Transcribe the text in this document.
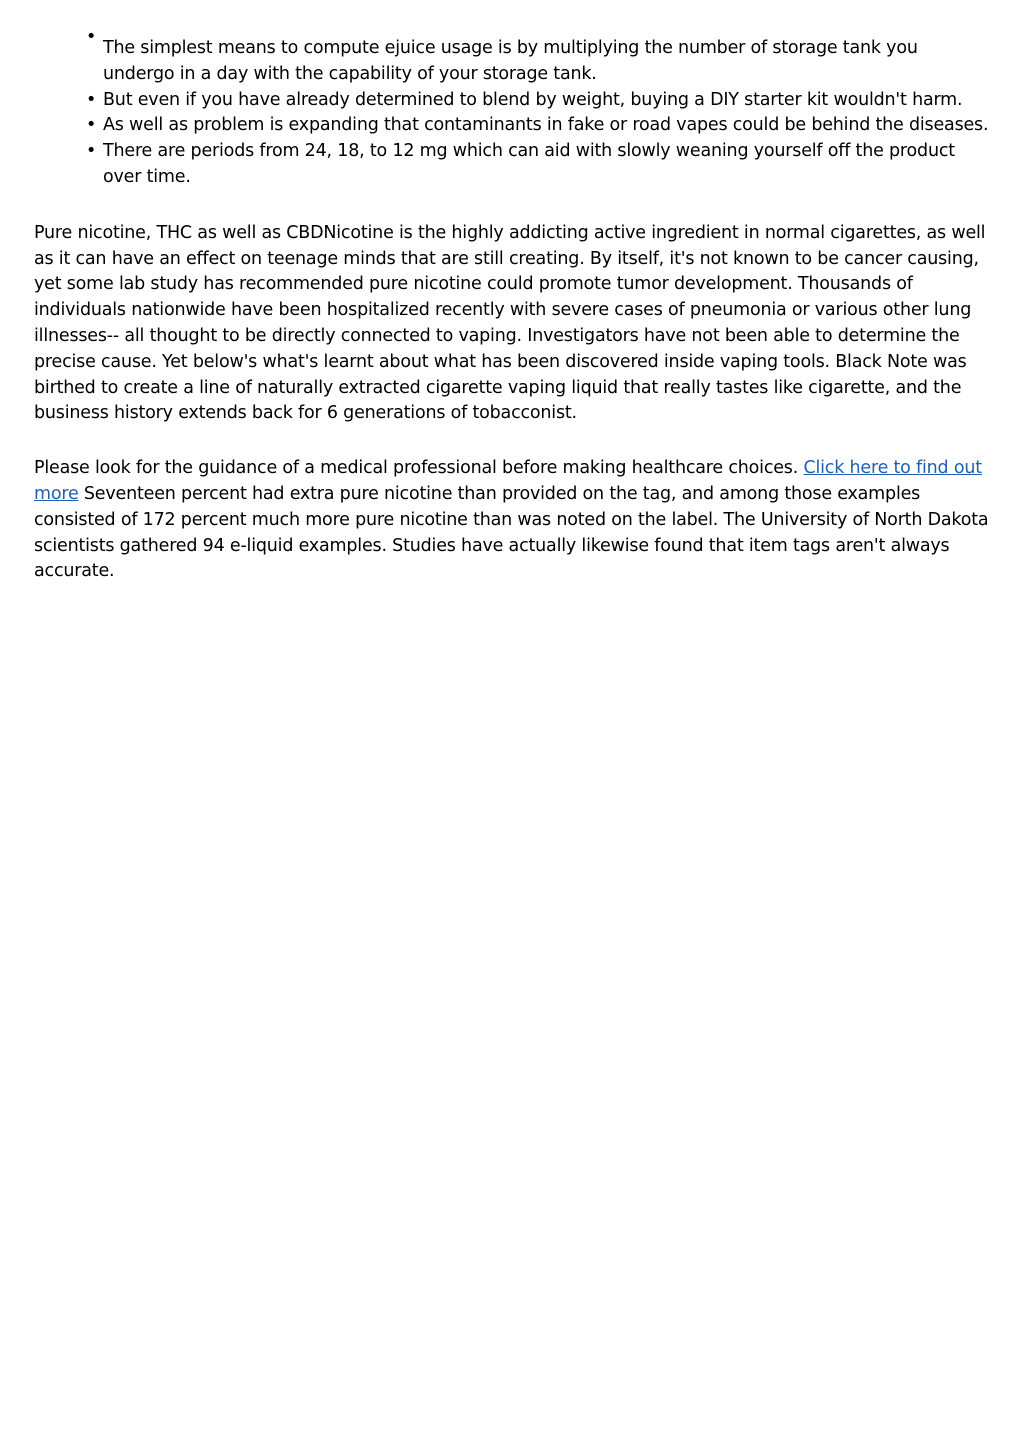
•
The simplest means to compute ejuice usage is by multiplying the number of storage tank you undergo in a day with the capability of your storage tank.
• But even if you have already determined to blend by weight, buying a DIY starter kit wouldn't harm.
• As well as problem is expanding that contaminants in fake or road vapes could be behind the diseases.
• There are periods from 24, 18, to 12 mg which can aid with slowly weaning yourself off the product over time.

Pure nicotine, THC as well as CBDNicotine is the highly addicting active ingredient in normal cigarettes, as well as it can have an effect on teenage minds that are still creating. By itself, it's not known to be cancer causing, yet some lab study has recommended pure nicotine could promote tumor development. Thousands of individuals nationwide have been hospitalized recently with severe cases of pneumonia or various other lung illnesses-- all thought to be directly connected to vaping. Investigators have not been able to determine the precise cause. Yet below's what's learnt about what has been discovered inside vaping tools. Black Note was birthed to create a line of naturally extracted cigarette vaping liquid that really tastes like cigarette, and the business history extends back for 6 generations of tobacconist.

Please look for the guidance of a medical professional before making healthcare choices. Click here to find out more Seventeen percent had extra pure nicotine than provided on the tag, and among those examples consisted of 172 percent much more pure nicotine than was noted on the label. The University of North Dakota scientists gathered 94 e-liquid examples. Studies have actually likewise found that item tags aren't always accurate.
